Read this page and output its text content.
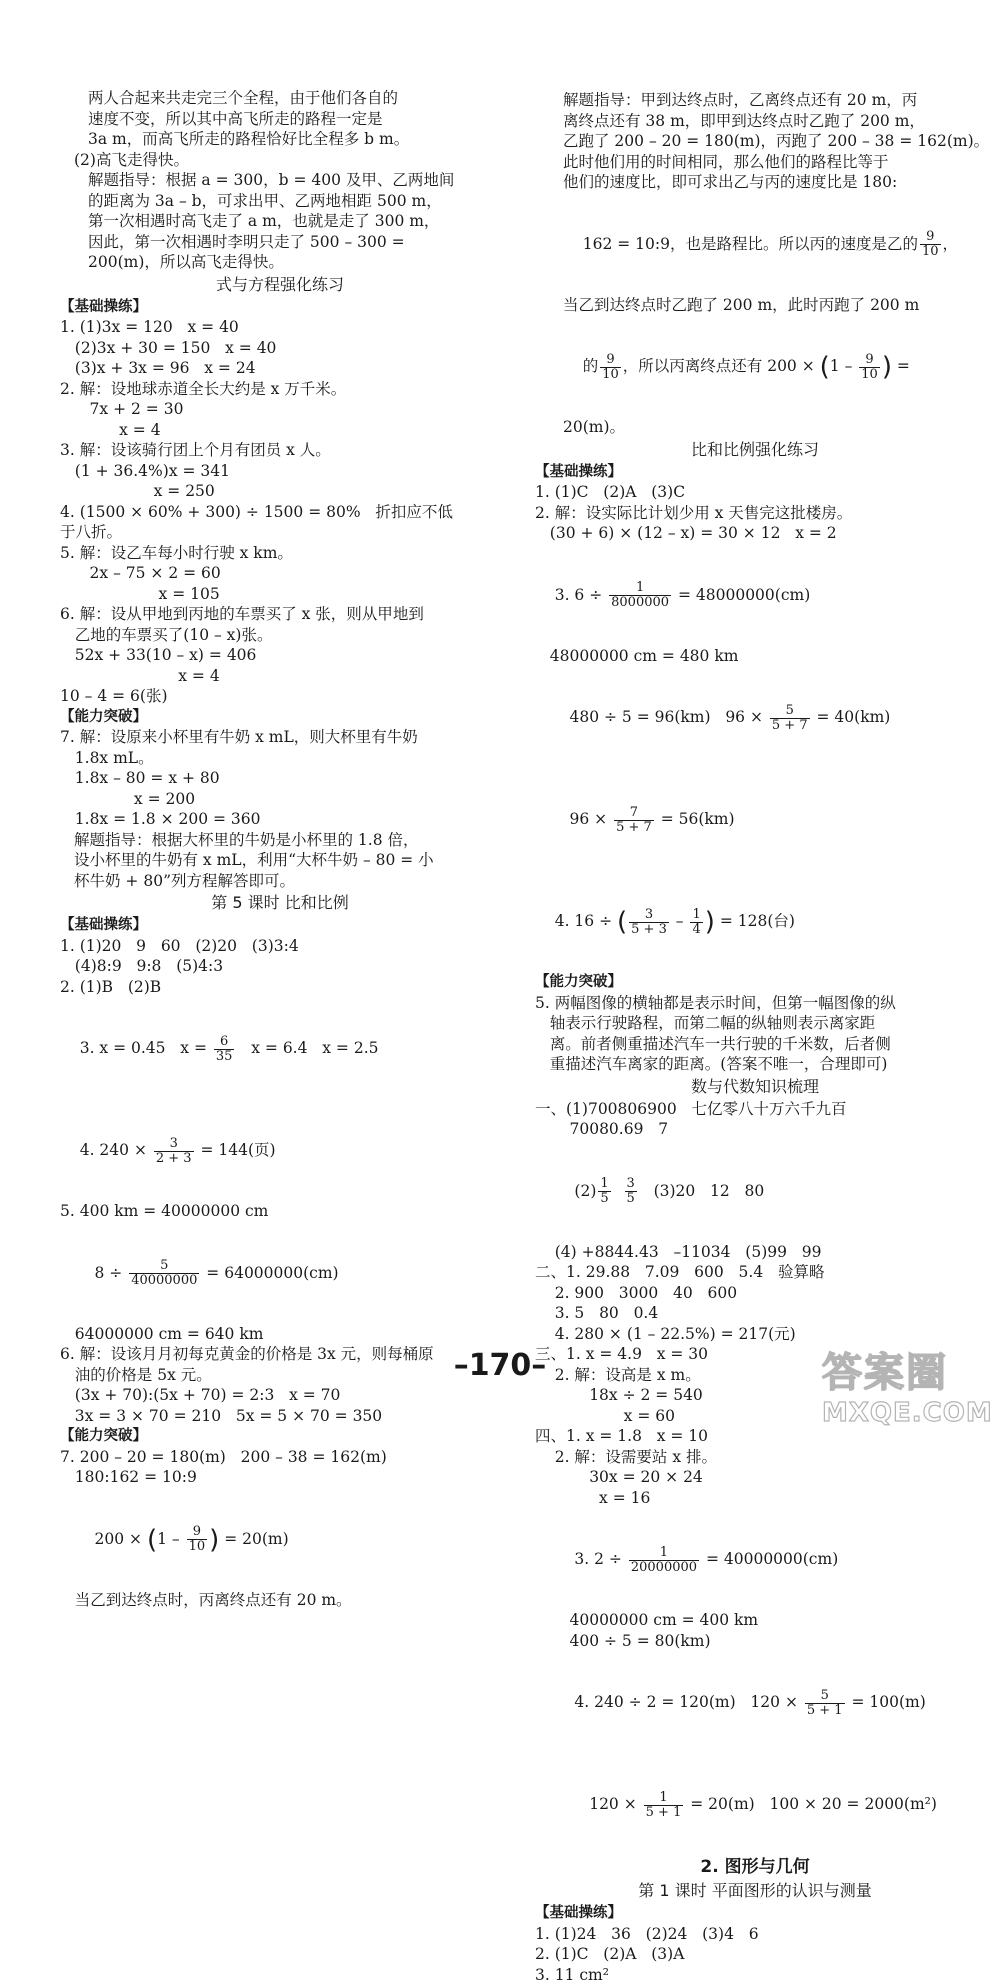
两人合起来共走完三个全程，由于他们各自的
速度不变，所以其中高飞所走的路程一定是
3a m，而高飞所走的路程恰好比全程多 b m。
(2)高飞走得快。
解题指导：根据 a = 300，b = 400 及甲、乙两地间
的距离为 3a – b，可求出甲、乙两地相距 500 m，
第一次相遇时高飞走了 a m，也就是走了 300 m，
因此，第一次相遇时李明只走了 500 – 300 =
200(m)，所以高飞走得快。
式与方程强化练习
【基础操练】
1. (1)3x = 120   x = 40
(2)3x + 30 = 150   x = 40
(3)x + 3x = 96   x = 24
2. 解：设地球赤道全长大约是 x 万千米。
7x + 2 = 30
x = 4
3. 解：设该骑行团上个月有团员 x 人。
(1 + 36.4%)x = 341
x = 250
4. (1500 × 60% + 300) ÷ 1500 = 80%   折扣应不低
于八折。
5. 解：设乙车每小时行驶 x km。
2x – 75 × 2 = 60
x = 105
6. 解：设从甲地到丙地的车票买了 x 张，则从甲地到
乙地的车票买了(10 – x)张。
52x + 33(10 – x) = 406
x = 4
10 – 4 = 6(张)
【能力突破】
7. 解：设原来小杯里有牛奶 x mL，则大杯里有牛奶
1.8x mL。
1.8x – 80 = x + 80
x = 200
1.8x = 1.8 × 200 = 360
解题指导：根据大杯里的牛奶是小杯里的 1.8 倍，
设小杯里的牛奶有 x mL，利用“大杯牛奶 – 80 = 小
杯牛奶 + 80”列方程解答即可。
第 5 课时 比和比例
【基础操练】
1. (1)20   9   60   (2)20   (3)3:4
(4)8:9   9:8   (5)4:3
2. (1)B   (2)B

3. x = 0.45   $x = \frac{6}{35}$ x = 6.4   x = 2.5

4. $240 \times \frac{3}{2 + 3} = 144$(页)

5. 400 km = 40000000 cm

$8 \div \frac{5}{40000000} = 64000000(cm)$

64000000 cm = 640 km
6. 解：设该月月初每克黄金的价格是 3x 元，则每桶原
油的价格是 5x 元。
(3x + 70):(5x + 70) = 2:3   x = 70
3x = 3 × 70 = 210   5x = 5 × 70 = 350
【能力突破】
7. 200 – 20 = 180(m)   200 – 38 = 162(m)
180:162 = 10:9

$200 \times (1 - \frac{9}{10}$ ) = 20(m)

当乙到达终点时，丙离终点还有 20 m。
解题指导：甲到达终点时，乙离终点还有 20 m，丙
离终点还有 38 m，即甲到达终点时乙跑了 200 m，
乙跑了 200 – 20 = 180(m)，丙跑了 200 – 38 = 162(m)。
此时他们用的时间相同，那么他们的路程比等于
他们的速度比，即可求出乙与丙的速度比是 180:

162 = 10:9，也是路程比。所以丙的速度是乙的 $\frac{9}{10}$ ，

当乙到达终点时乙跑了 200 m，此时丙跑了 200 m

的 $\frac{9}{10}$ ，所以丙离终点还有 $200 \times (1 - \frac{9}{10}$ ) =

20(m)。
比和比例强化练习
【基础操练】
1. (1)C   (2)A   (3)C
2. 解：设实际比计划少用 x 天售完这批楼房。
(30 + 6) × (12 – x) = 30 × 12   x = 2

3. $6 \div \frac{1}{8000000} = 48000000(cm)$

48000000 cm = 480 km

480 ÷ 5 = 96(km)   $96 \times \frac{5}{5 + 7} = 40(km)$

$96 \times \frac{7}{5 + 7} = 56(km)$

4. 16 ÷ ( $\frac{3}{5 + 3} - \frac{1}{4}$ ) = 128(台)

【能力突破】
5. 两幅图像的横轴都是表示时间，但第一幅图像的纵
轴表示行驶路程，而第二幅的纵轴则表示离家距
离。前者侧重描述汽车一共行驶的千米数，后者侧
重描述汽车离家的距离。(答案不唯一，合理即可)
数与代数知识梳理
一、(1)700806900   七亿零八十万六千九百
70080.69   7

$(2) \frac{1}{5}$
$\frac{3}{5} (3)20$   12   80

(4) +8844.43   –11034   (5)99   99
二、1. 29.88   7.09   600   5.4   验算略
2. 900   3000   40   600
3. 5   80   0.4
4. 280 × (1 – 22.5%) = 217(元)
三、1. x = 4.9   x = 30
2. 解：设高是 x m。
18x ÷ 2 = 540
x = 60
四、1. x = 1.8   x = 10
2. 解：设需要站 x 排。
30x = 20 × 24
x = 16

3. $2 \div \frac{1}{20000000} = 40000000(cm)$

40000000 cm = 400 km
400 ÷ 5 = 80(km)

4. 240 ÷ 2 = 120(m)   $120 \times \frac{5}{5 + 1} = 100(m)$

$120 \times \frac{1}{5 + 1} = 20(m) 100 \times 20 = 2000(m^2)$

2. 图形与几何
第 1 课时 平面图形的认识与测量
【基础操练】
1. (1)24   36   (2)24   (3)4   6
2. (1)C   (2)A   (3)A
3. 11 cm²
–170–	答案圈
MXQE.COM
